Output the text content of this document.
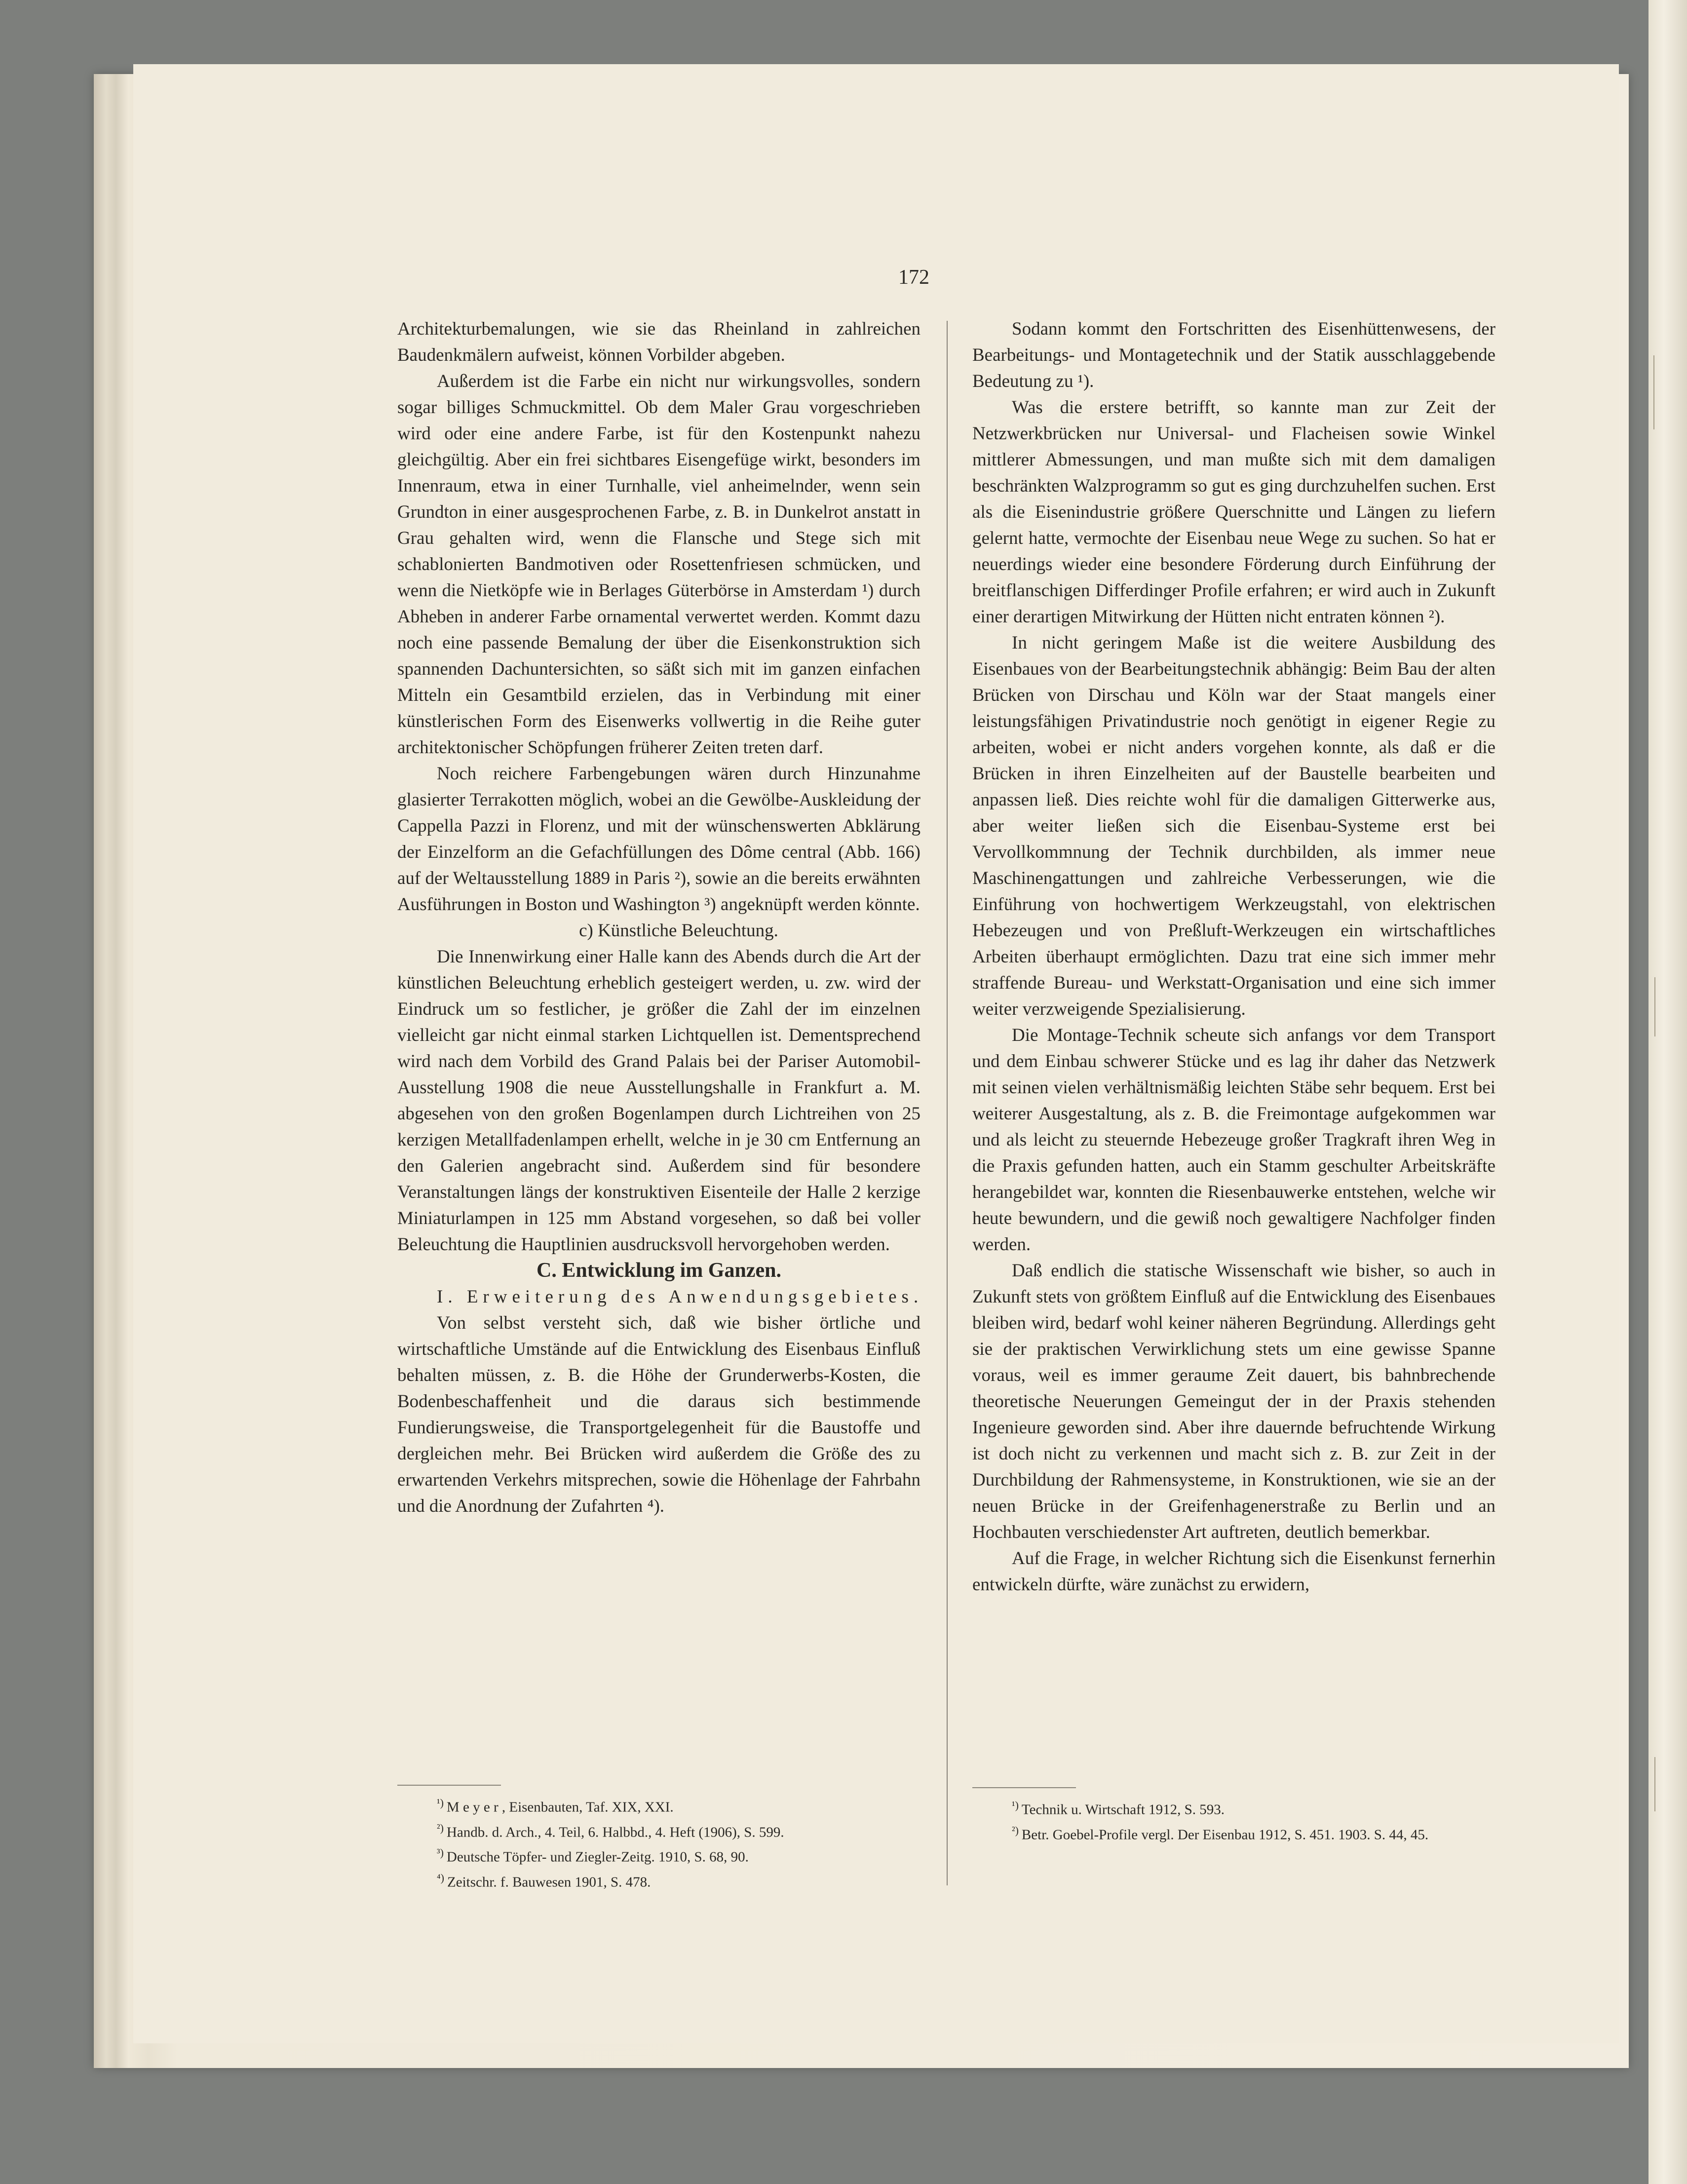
172

Architekturbemalungen, wie sie das Rheinland in zahlreichen Baudenkmälern aufweist, können Vorbilder abgeben.

Außerdem ist die Farbe ein nicht nur wirkungsvolles, sondern sogar billiges Schmuckmittel. Ob dem Maler Grau vorgeschrieben wird oder eine andere Farbe, ist für den Kostenpunkt nahezu gleichgültig. Aber ein frei sichtbares Eisengefüge wirkt, besonders im Innenraum, etwa in einer Turnhalle, viel anheimelnder, wenn sein Grundton in einer ausgesprochenen Farbe, z. B. in Dunkelrot anstatt in Grau gehalten wird, wenn die Flansche und Stege sich mit schablonierten Bandmotiven oder Rosettenfriesen schmücken, und wenn die Nietköpfe wie in Berlages Güterbörse in Amsterdam ¹) durch Abheben in anderer Farbe ornamental verwertet werden. Kommt dazu noch eine passende Bemalung der über die Eisenkonstruktion sich spannenden Dachuntersichten, so säßt sich mit im ganzen einfachen Mitteln ein Gesamtbild erzielen, das in Verbindung mit einer künstlerischen Form des Eisenwerks vollwertig in die Reihe guter architektonischer Schöpfungen früherer Zeiten treten darf.

Noch reichere Farbengebungen wären durch Hinzunahme glasierter Terrakotten möglich, wobei an die Gewölbe-Auskleidung der Cappella Pazzi in Florenz, und mit der wünschenswerten Abklärung der Einzelform an die Gefachfüllungen des Dôme central (Abb. 166) auf der Weltausstellung 1889 in Paris ²), sowie an die bereits erwähnten Ausführungen in Boston und Washington ³) angeknüpft werden könnte.

c) Künstliche Beleuchtung.

Die Innenwirkung einer Halle kann des Abends durch die Art der künstlichen Beleuchtung erheblich gesteigert werden, u. zw. wird der Eindruck um so festlicher, je größer die Zahl der im einzelnen vielleicht gar nicht einmal starken Lichtquellen ist. Dementsprechend wird nach dem Vorbild des Grand Palais bei der Pariser Automobil-Ausstellung 1908 die neue Ausstellungshalle in Frankfurt a. M. abgesehen von den großen Bogenlampen durch Lichtreihen von 25 kerzigen Metallfadenlampen erhellt, welche in je 30 cm Entfernung an den Galerien angebracht sind. Außerdem sind für besondere Veranstaltungen längs der konstruktiven Eisenteile der Halle 2 kerzige Miniaturlampen in 125 mm Abstand vorgesehen, so daß bei voller Beleuchtung die Hauptlinien ausdrucksvoll hervorgehoben werden.

C. Entwicklung im Ganzen.

I. Erweiterung des Anwendungsgebietes.

Von selbst versteht sich, daß wie bisher örtliche und wirtschaftliche Umstände auf die Entwicklung des Eisenbaus Einfluß behalten müssen, z. B. die Höhe der Grunderwerbs-Kosten, die Bodenbeschaffenheit und die daraus sich bestimmende Fundierungsweise, die Transportgelegenheit für die Baustoffe und dergleichen mehr. Bei Brücken wird außerdem die Größe des zu erwartenden Verkehrs mitsprechen, sowie die Höhenlage der Fahrbahn und die Anordnung der Zufahrten ⁴).

$^{^1)}$ M e y e r , Eisenbauten, Taf. XIX, XXI.

$^{^2)}$ Handb. d. Arch., 4. Teil, 6. Halbbd., 4. Heft (1906), S. 599.

$^{^3)}$ Deutsche Töpfer- und Ziegler-Zeitg. 1910, S. 68, 90.

$^{^4)}$ Zeitschr. f. Bauwesen 1901, S. 478.

Sodann kommt den Fortschritten des Eisenhüttenwesens, der Bearbeitungs- und Montagetechnik und der Statik ausschlaggebende Bedeutung zu ¹).

Was die erstere betrifft, so kannte man zur Zeit der Netzwerkbrücken nur Universal- und Flacheisen sowie Winkel mittlerer Abmessungen, und man mußte sich mit dem damaligen beschränkten Walzprogramm so gut es ging durchzuhelfen suchen. Erst als die Eisenindustrie größere Querschnitte und Längen zu liefern gelernt hatte, vermochte der Eisenbau neue Wege zu suchen. So hat er neuerdings wieder eine besondere Förderung durch Einführung der breitflanschigen Differdinger Profile erfahren; er wird auch in Zukunft einer derartigen Mitwirkung der Hütten nicht entraten können ²).

In nicht geringem Maße ist die weitere Ausbildung des Eisenbaues von der Bearbeitungstechnik abhängig: Beim Bau der alten Brücken von Dirschau und Köln war der Staat mangels einer leistungsfähigen Privatindustrie noch genötigt in eigener Regie zu arbeiten, wobei er nicht anders vorgehen konnte, als daß er die Brücken in ihren Einzelheiten auf der Baustelle bearbeiten und anpassen ließ. Dies reichte wohl für die damaligen Gitterwerke aus, aber weiter ließen sich die Eisenbau-Systeme erst bei Vervollkommnung der Technik durchbilden, als immer neue Maschinengattungen und zahlreiche Verbesserungen, wie die Einführung von hochwertigem Werkzeugstahl, von elektrischen Hebezeugen und von Preßluft-Werkzeugen ein wirtschaftliches Arbeiten überhaupt ermöglichten. Dazu trat eine sich immer mehr straffende Bureau- und Werkstatt-Organisation und eine sich immer weiter verzweigende Spezialisierung.

Die Montage-Technik scheute sich anfangs vor dem Transport und dem Einbau schwerer Stücke und es lag ihr daher das Netzwerk mit seinen vielen verhältnismäßig leichten Stäbe sehr bequem. Erst bei weiterer Ausgestaltung, als z. B. die Freimontage aufgekommen war und als leicht zu steuernde Hebezeuge großer Tragkraft ihren Weg in die Praxis gefunden hatten, auch ein Stamm geschulter Arbeitskräfte herangebildet war, konnten die Riesenbauwerke entstehen, welche wir heute bewundern, und die gewiß noch gewaltigere Nachfolger finden werden.

Daß endlich die statische Wissenschaft wie bisher, so auch in Zukunft stets von größtem Einfluß auf die Entwicklung des Eisenbaues bleiben wird, bedarf wohl keiner näheren Begründung. Allerdings geht sie der praktischen Verwirklichung stets um eine gewisse Spanne voraus, weil es immer geraume Zeit dauert, bis bahnbrechende theoretische Neuerungen Gemeingut der in der Praxis stehenden Ingenieure geworden sind. Aber ihre dauernde befruchtende Wirkung ist doch nicht zu verkennen und macht sich z. B. zur Zeit in der Durchbildung der Rahmensysteme, in Konstruktionen, wie sie an der neuen Brücke in der Greifenhagenerstraße zu Berlin und an Hochbauten verschiedenster Art auftreten, deutlich bemerkbar.

Auf die Frage, in welcher Richtung sich die Eisenkunst fernerhin entwickeln dürfte, wäre zunächst zu erwidern,

$^{^1)}$ Technik u. Wirtschaft 1912, S. 593.

$^{^2)}$ Betr. Goebel-Profile vergl. Der Eisenbau 1912, S. 451. 1903. S. 44, 45.
